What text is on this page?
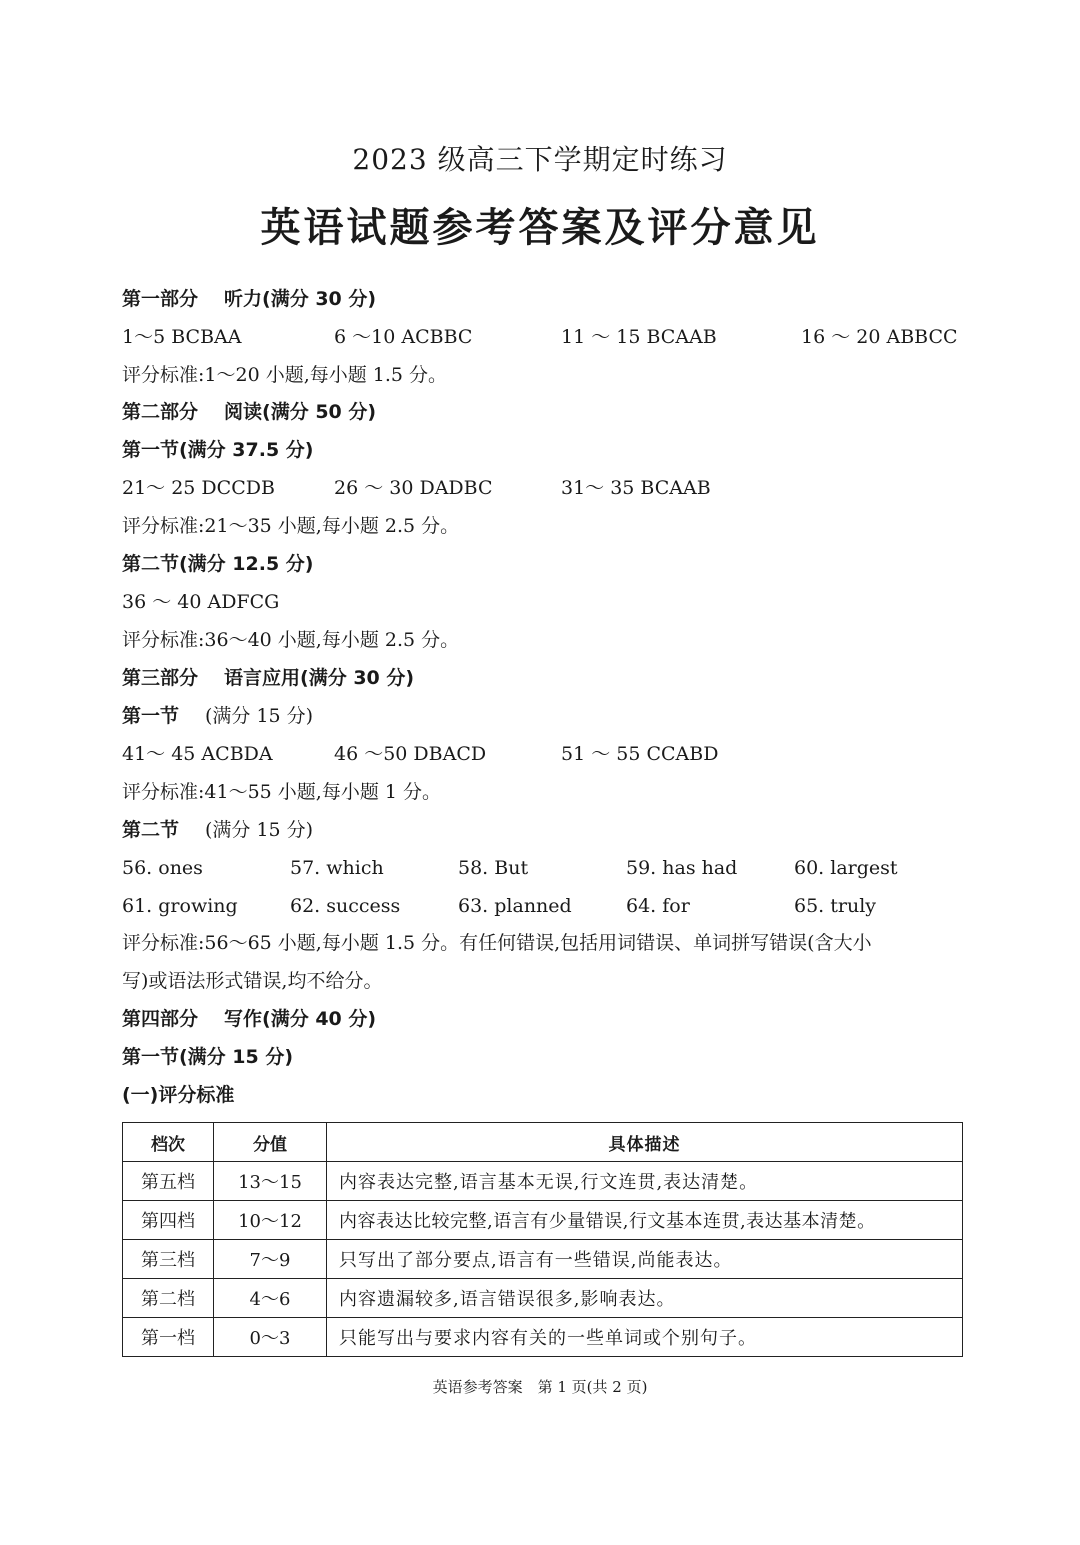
2023 级高三下学期定时练习
英语试题参考答案及评分意见
第一部分 听力(满分 30 分)
1～5 BCBAA	6 ～10 ACBBC	11 ～ 15 BCAAB	16 ～ 20 ABBCC
评分标准:1～20 小题,每小题 1.5 分。
第二部分 阅读(满分 50 分)
第一节(满分 37.5 分)
21～ 25 DCCDB	26 ～ 30 DADBC	31～ 35 BCAAB
评分标准:21～35 小题,每小题 2.5 分。
第二节(满分 12.5 分)
36 ～ 40 ADFCG
评分标准:36～40 小题,每小题 2.5 分。
第三部分 语言应用(满分 30 分)
第一节 (满分 15 分)
41～ 45 ACBDA	46 ～50 DBACD	51 ～ 55 CCABD
评分标准:41～55 小题,每小题 1 分。
第二节 (满分 15 分)
56. ones	57. which	58. But	59. has had	60. largest
61. growing	62. success	63. planned	64. for	65. truly
评分标准:56～65 小题,每小题 1.5 分。有任何错误,包括用词错误、单词拼写错误(含大小
写)或语法形式错误,均不给分。
第四部分 写作(满分 40 分)
第一节(满分 15 分)
(一)评分标准
档次	分值	具体描述
第五档	13～15	内容表达完整,语言基本无误,行文连贯,表达清楚。
第四档	10～12	内容表达比较完整,语言有少量错误,行文基本连贯,表达基本清楚。
第三档	7～9	只写出了部分要点,语言有一些错误,尚能表达。
第二档	4～6	内容遗漏较多,语言错误很多,影响表达。
第一档	0～3	只能写出与要求内容有关的一些单词或个别句子。
英语参考答案　第 1 页(共 2 页)
